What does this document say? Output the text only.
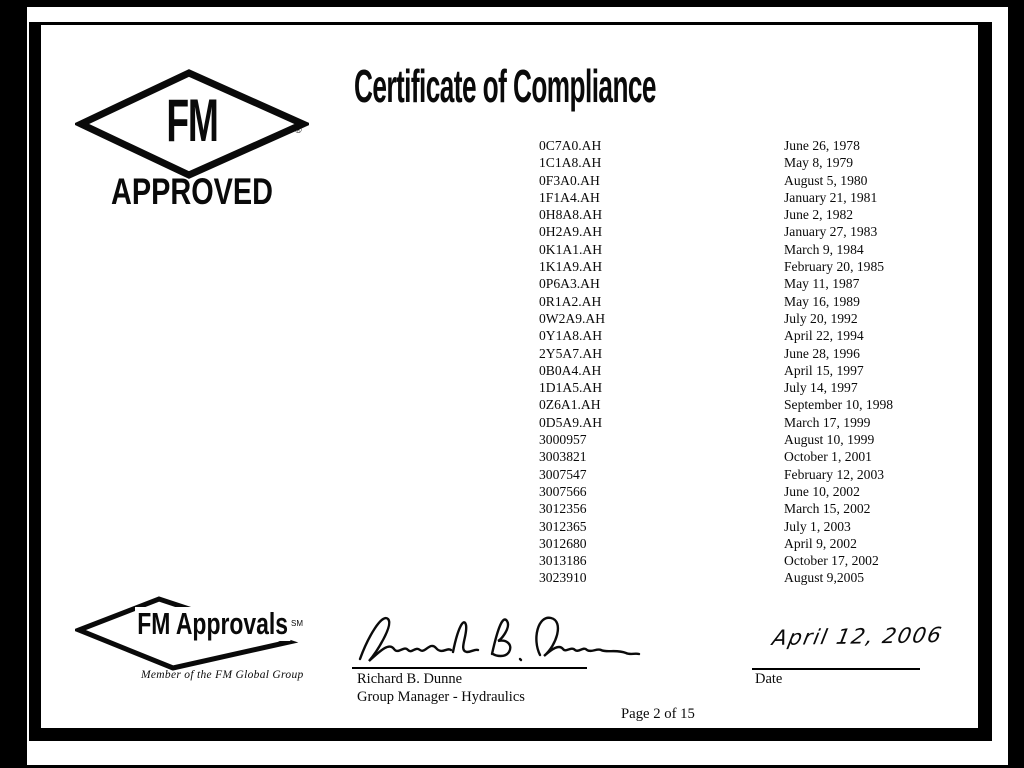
FM	®
APPROVED
Certificate of Compliance
0C7A0.AH	June 26, 1978
1C1A8.AH	May 8, 1979
0F3A0.AH	August 5, 1980
1F1A4.AH	January 21, 1981
0H8A8.AH	June 2, 1982
0H2A9.AH	January 27, 1983
0K1A1.AH	March 9, 1984
1K1A9.AH	February 20, 1985
0P6A3.AH	May 11, 1987
0R1A2.AH	May 16, 1989
0W2A9.AH	July 20, 1992
0Y1A8.AH	April 22, 1994
2Y5A7.AH	June 28, 1996
0B0A4.AH	April 15, 1997
1D1A5.AH	July 14, 1997
0Z6A1.AH	September 10, 1998
0D5A9.AH	March 17, 1999
3000957	August 10, 1999
3003821	October 1, 2001
3007547	February 12, 2003
3007566	June 10, 2002
3012356	March 15, 2002
3012365	July 1, 2003
3012680	April 9, 2002
3013186	October 17, 2002
3023910	August 9,2005
FM Approvals SM
Member of the FM Global Group	Richard B. Dunne
Group Manager - Hydraulics
April 12, 2006
Date
Page 2 of 15
